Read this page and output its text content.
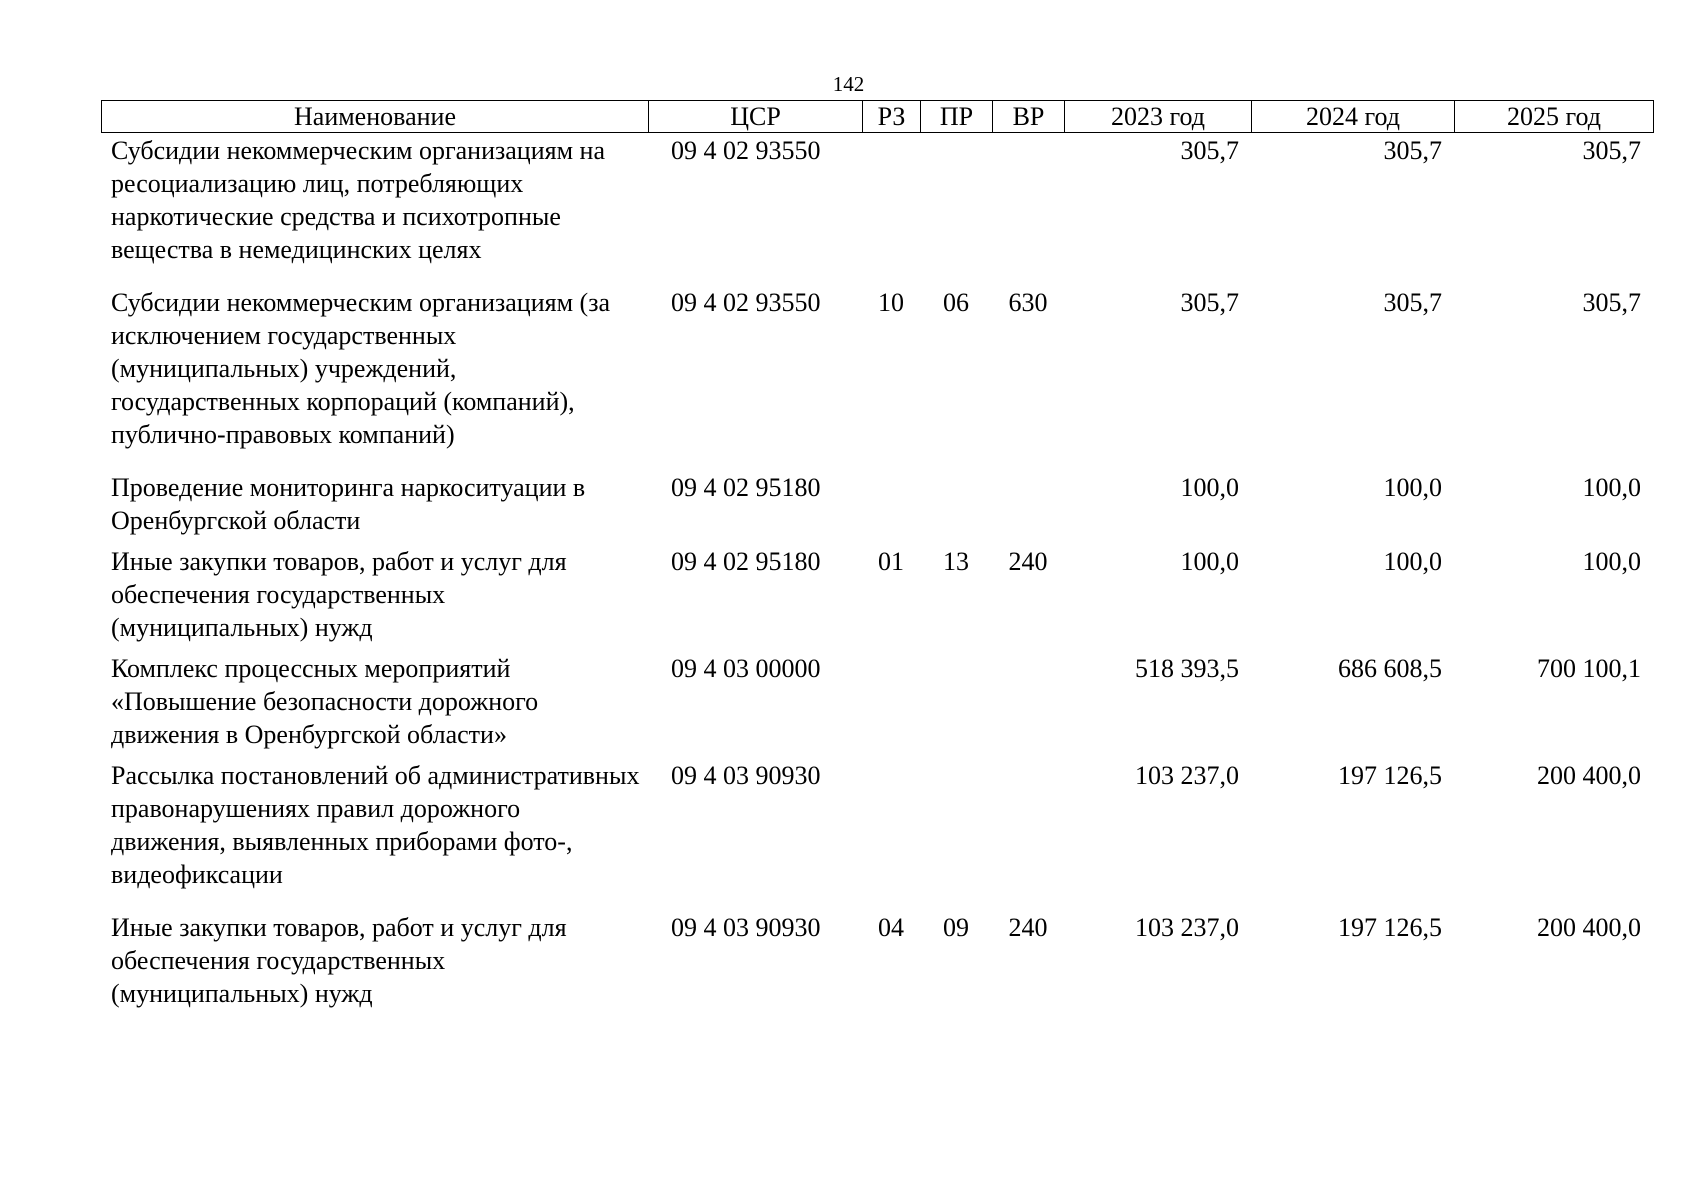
142
Наименование	ЦСР	РЗ	ПР	ВР	2023 год	2024 год	2025 год
Субсидии некоммерческим организациям на ресоциализацию лиц, потребляющих наркотические средства и психотропные вещества в немедицинских целях	09 4 02 93550				305,7	305,7	305,7
Субсидии некоммерческим организациям (за исключением государственных (муниципальных) учреждений, государственных корпораций (компаний), публично-правовых компаний)	09 4 02 93550	10	06	630	305,7	305,7	305,7
Проведение мониторинга наркоситуации в Оренбургской области	09 4 02 95180				100,0	100,0	100,0
Иные закупки товаров, работ и услуг для обеспечения государственных (муниципальных) нужд	09 4 02 95180	01	13	240	100,0	100,0	100,0
Комплекс процессных мероприятий «Повышение безопасности дорожного движения в Оренбургской области»	09 4 03 00000				518 393,5	686 608,5	700 100,1
Рассылка постановлений об административных правонарушениях правил дорожного движения, выявленных приборами фото-, видеофиксации	09 4 03 90930				103 237,0	197 126,5	200 400,0
Иные закупки товаров, работ и услуг для обеспечения государственных (муниципальных) нужд	09 4 03 90930	04	09	240	103 237,0	197 126,5	200 400,0
